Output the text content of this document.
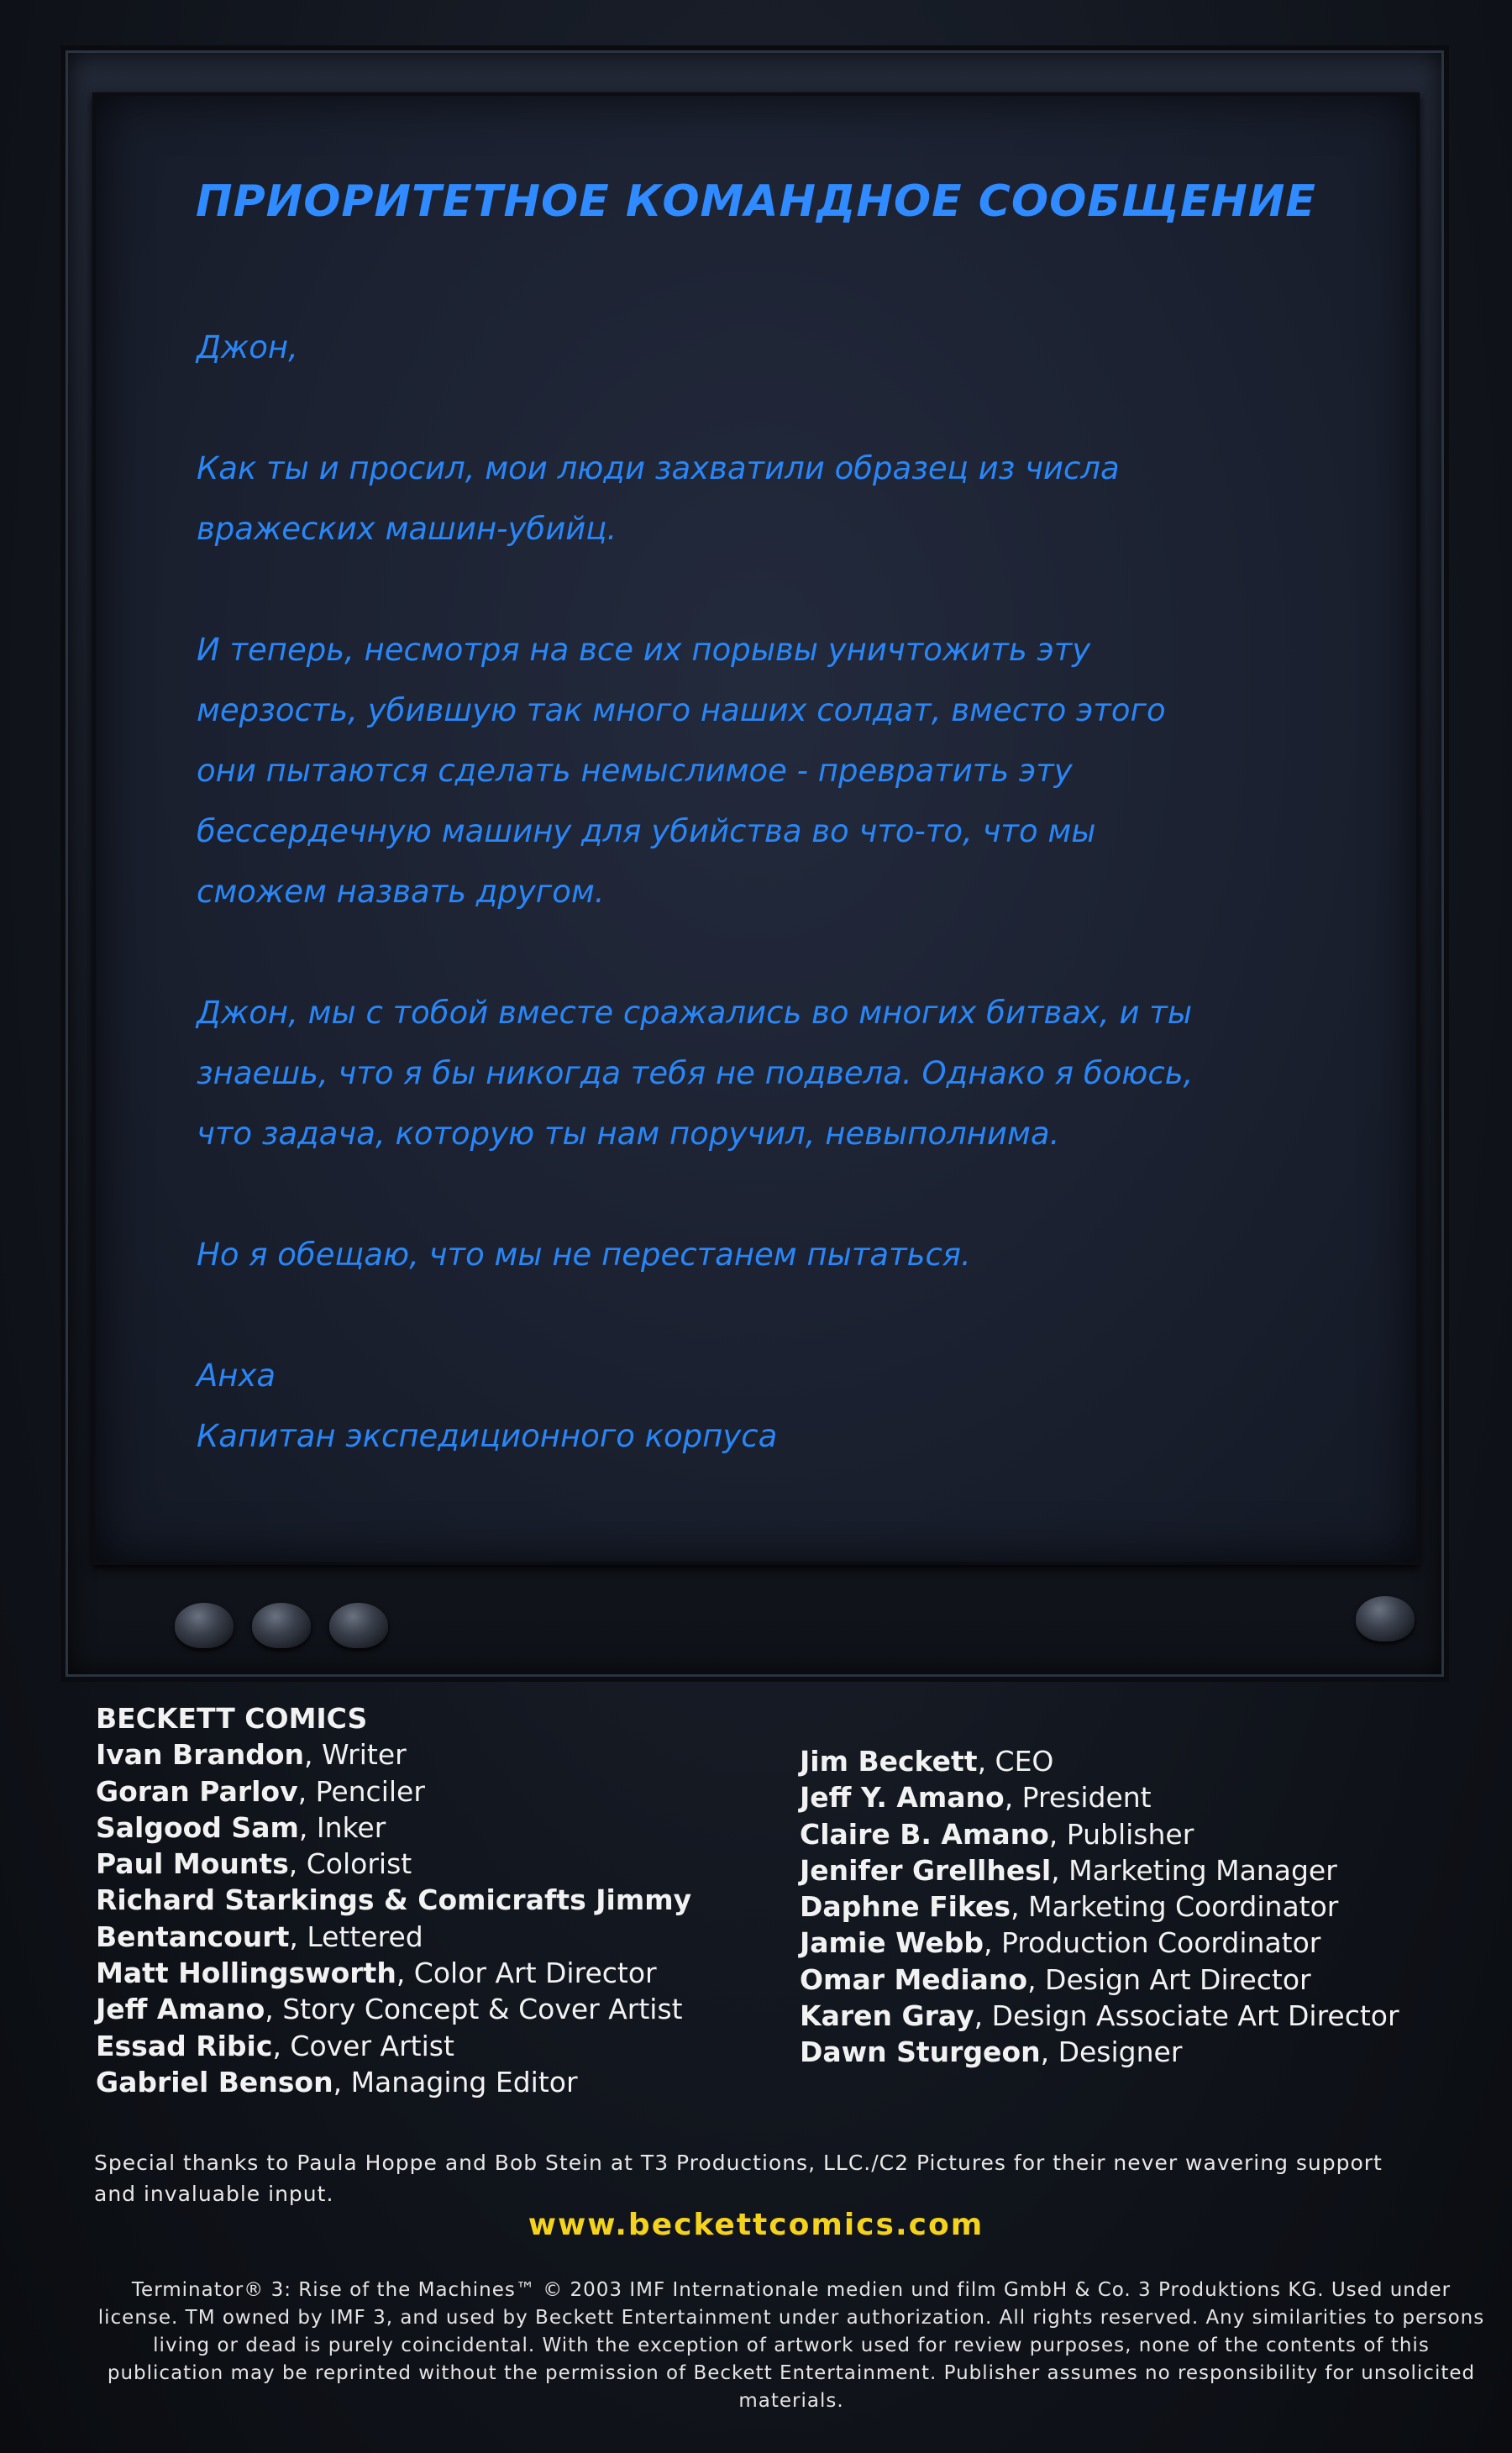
ПРИОРИТЕТНОЕ КОМАНДНОЕ СООБЩЕНИЕ
Джон,
Как ты и просил, мои люди захватили образец из числа
вражеских машин-убийц.
И теперь, несмотря на все их порывы уничтожить эту
мерзость, убившую так много наших солдат, вместо этого
они пытаются сделать немыслимое - превратить эту
бессердечную машину для убийства во что-то, что мы
сможем назвать другом.
Джон, мы с тобой вместе сражались во многих битвах, и ты
знаешь, что я бы никогда тебя не подвела. Однако я боюсь,
что задача, которую ты нам поручил, невыполнима.
Но я обещаю, что мы не перестанем пытаться.
Анха
Капитан экспедиционного корпуса
BECKETT COMICS
Ivan Brandon, Writer
Goran Parlov, Penciler
Salgood Sam, Inker
Paul Mounts, Colorist
Richard Starkings & Comicrafts Jimmy
Bentancourt, Lettered
Matt Hollingsworth, Color Art Director
Jeff Amano, Story Concept & Cover Artist
Essad Ribic, Cover Artist
Gabriel Benson, Managing Editor
Jim Beckett, CEO
Jeff Y. Amano, President
Claire B. Amano, Publisher
Jenifer Grellhesl, Marketing Manager
Daphne Fikes, Marketing Coordinator
Jamie Webb, Production Coordinator
Omar Mediano, Design Art Director
Karen Gray, Design Associate Art Director
Dawn Sturgeon, Designer
Special thanks to Paula Hoppe and Bob Stein at T3 Productions, LLC./C2 Pictures for their never wavering support and invaluable input.
www.beckettcomics.com
Terminator® 3: Rise of the Machines™ © 2003 IMF Internationale medien und film GmbH & Co. 3 Produktions KG. Used under license. TM owned by IMF 3, and used by Beckett Entertainment under authorization. All rights reserved. Any similarities to persons living or dead is purely coincidental. With the exception of artwork used for review purposes, none of the contents of this publication may be reprinted without the permission of Beckett Entertainment. Publisher assumes no responsibility for unsolicited materials.
